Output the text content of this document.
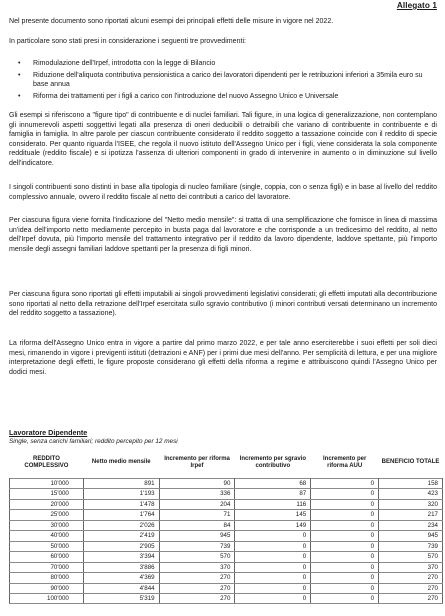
Allegato 1

Nel presente documento sono riportati alcuni esempi dei principali effetti delle misure in vigore nel 2022.

In particolare sono stati presi in considerazione i seguenti tre provvedimenti:

• Rimodulazione dell'Irpef, introdotta con la legge di Bilancio
• Riduzione dell'aliquota contributiva pensionistica a carico dei lavoratori dipendenti per le retribuzioni inferiori a 35mila euro su base annua
• Riforma dei trattamenti per i figli a carico con l'introduzione del nuovo Assegno Unico e Universale

Gli esempi si riferiscono a "figure tipo" di contribuente e di nuclei familiari. Tali figure, in una logica di generalizzazione, non contemplano gli innumerevoli aspetti soggettivi legati alla presenza di oneri deducibili o detraibili che variano di contribuente in contribuente e di famiglia in famiglia. In altre parole per ciascun contribuente considerato il reddito soggetto a tassazione coincide con il reddito di specie considerato. Per quanto riguarda l'ISEE, che regola il nuovo istituto dell'Assegno Unico per i figli, viene considerata la sola componente reddituale (reddito fiscale) e si ipotizza l'assenza di ulteriori componenti in grado di intervenire in aumento o in diminuzione sul livello dell'indicatore.

I singoli contribuenti sono distinti in base alla tipologia di nucleo familiare (single, coppia, con o senza figli) e in base al livello del reddito complessivo annuale, ovvero il reddito fiscale al netto dei contributi a carico del lavoratore.

Per ciascuna figura viene fornita l'indicazione del "Netto medio mensile": si tratta di una semplificazione che fornisce in linea di massima un'idea dell'importo netto mediamente percepito in busta paga dal lavoratore e che corrisponde a un tredicesimo del reddito, al netto dell'Irpef dovuta, più l'importo mensile del trattamento integrativo per il reddito da lavoro dipendente, laddove spettante, più l'importo mensile degli assegni familiari laddove spettanti per la presenza di figli minori.

Per ciascuna figura sono riportati gli effetti imputabili ai singoli provvedimenti legislativi considerati; gli effetti imputati alla decontribuzione sono riportati al netto della retrazione dell'Irpef esercitata sullo sgravio contributivo (i minori contributi versati determinano un incremento del reddito soggetto a tassazione).

La riforma dell'Assegno Unico entra in vigore a partire dal primo marzo 2022, e per tale anno eserciterebbe i suoi effetti per soli dieci mesi, rimanendo in vigore i previgenti istituti (detrazioni e ANF) per i primi due mesi dell'anno. Per semplicità di lettura, e per una migliore interpretazione degli effetti, le figure proposte considerano gli effetti della riforma a regime e attribuiscono quindi l'Assegno Unico per dodici mesi.

Lavoratore Dipendente
Single, senza carichi familiari; reddito percepito per 12 mesi
REDDITO COMPLESSIVO	Netto medio mensile	Incremento per riforma Irpef	Incremento per sgravio contributivo	Incremento per riforma AUU	BENEFICIO TOTALE
10'000	891	90	68	0	158
15'000	1'193	336	87	0	423
20'000	1'478	204	116	0	320
25'000	1'764	71	145	0	217
30'000	2'026	84	149	0	234
40'000	2'419	945	0	0	945
50'000	2'905	739	0	0	739
60'000	3'394	570	0	0	570
70'000	3'886	370	0	0	370
80'000	4'369	270	0	0	270
90'000	4'844	270	0	0	270
100'000	5'319	270	0	0	270
